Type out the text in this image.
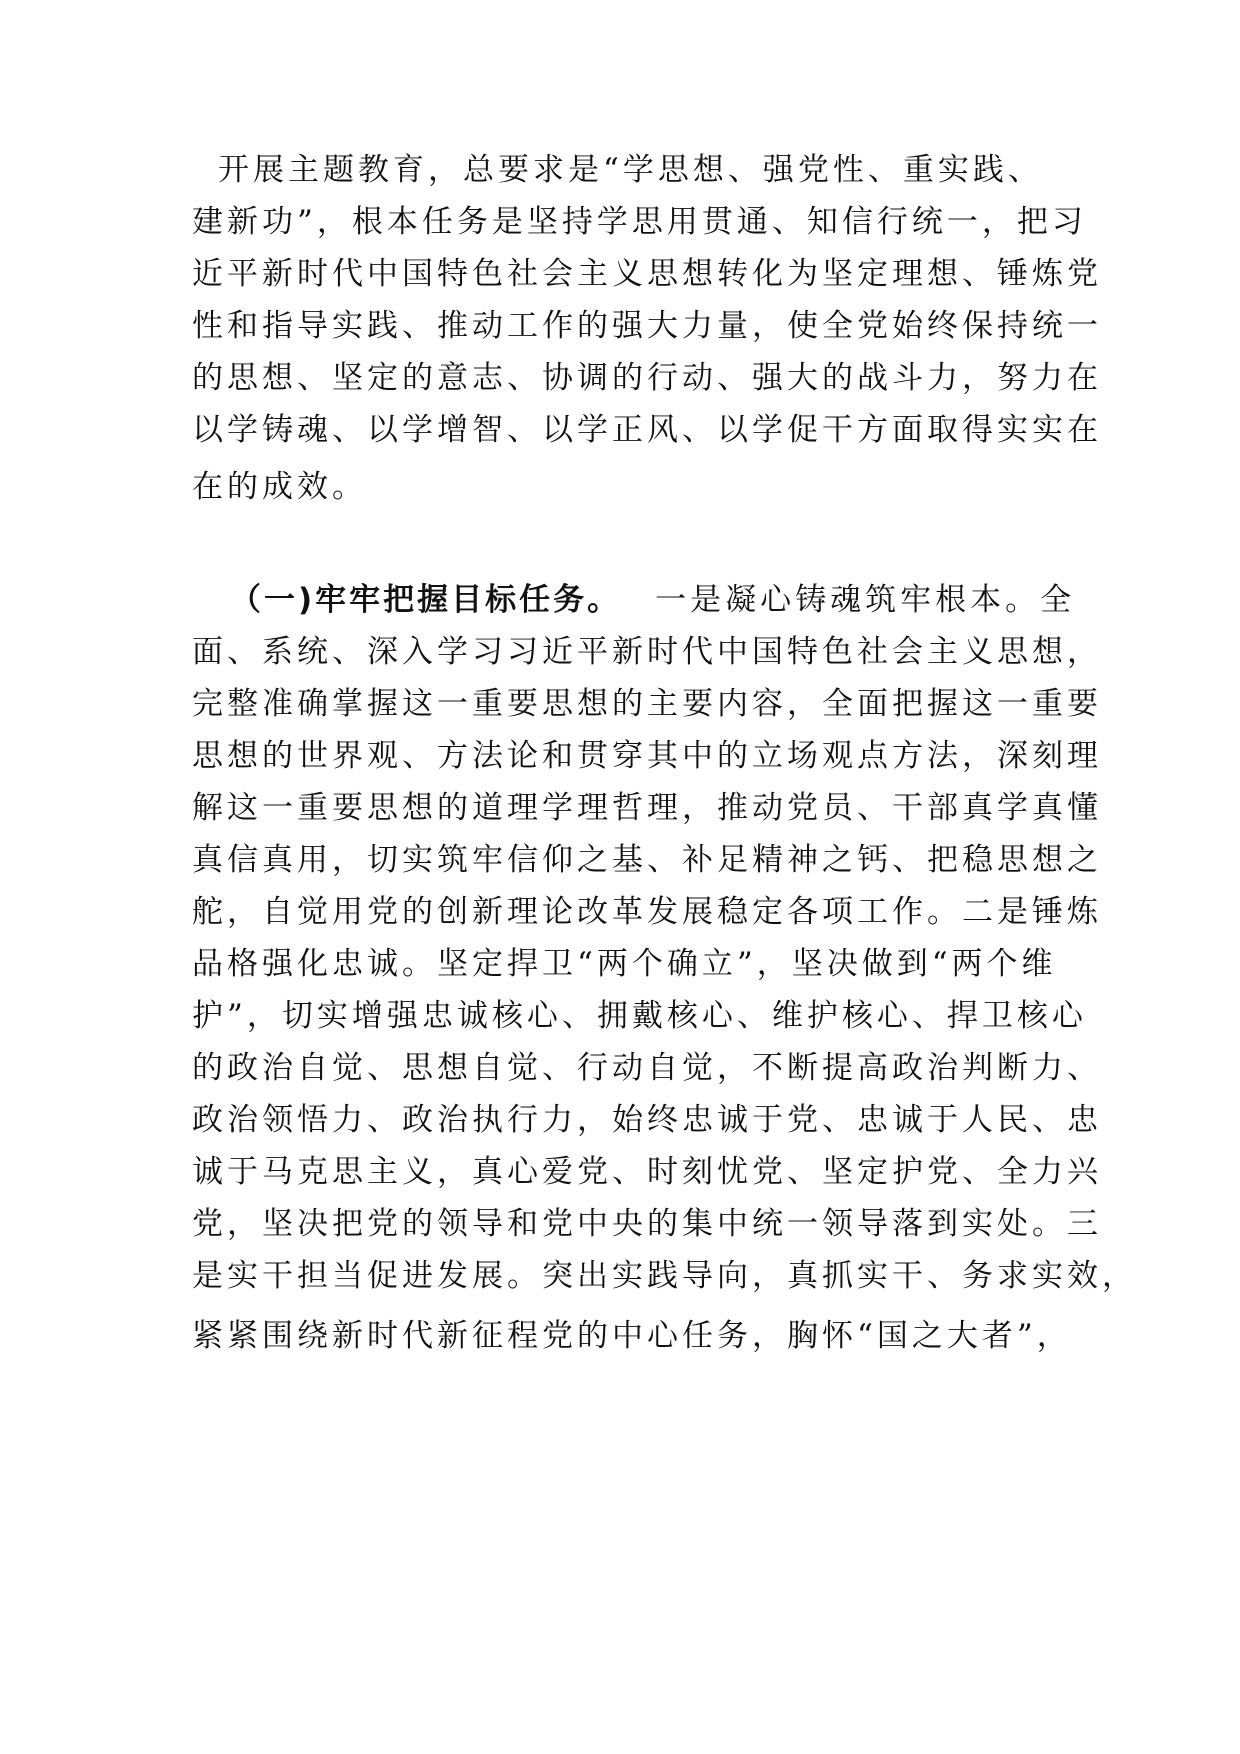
开展主题教育，总要求是“学思想、强党性、重实践、

建新功”，根本任务是坚持学思用贯通、知信行统一，把习

近平新时代中国特色社会主义思想转化为坚定理想、锤炼党

性和指导实践、推动工作的强大力量，使全党始终保持统一

的思想、坚定的意志、协调的行动、强大的战斗力，努力在

以学铸魂、以学增智、以学正风、以学促干方面取得实实在

在的成效。

（一)牢牢把握目标任务。 一是凝心铸魂筑牢根本。全

面、系统、深入学习习近平新时代中国特色社会主义思想，

完整准确掌握这一重要思想的主要内容，全面把握这一重要

思想的世界观、方法论和贯穿其中的立场观点方法，深刻理

解这一重要思想的道理学理哲理，推动党员、干部真学真懂

真信真用，切实筑牢信仰之基、补足精神之钙、把稳思想之

舵，自觉用党的创新理论改革发展稳定各项工作。二是锤炼

品格强化忠诚。坚定捍卫“两个确立”，坚决做到“两个维

护”，切实增强忠诚核心、拥戴核心、维护核心、捍卫核心

的政治自觉、思想自觉、行动自觉，不断提高政治判断力、

政治领悟力、政治执行力，始终忠诚于党、忠诚于人民、忠

诚于马克思主义，真心爱党、时刻忧党、坚定护党、全力兴

党，坚决把党的领导和党中央的集中统一领导落到实处。三

是实干担当促进发展。突出实践导向，真抓实干、务求实效，

紧紧围绕新时代新征程党的中心任务，胸怀“国之大者”，
